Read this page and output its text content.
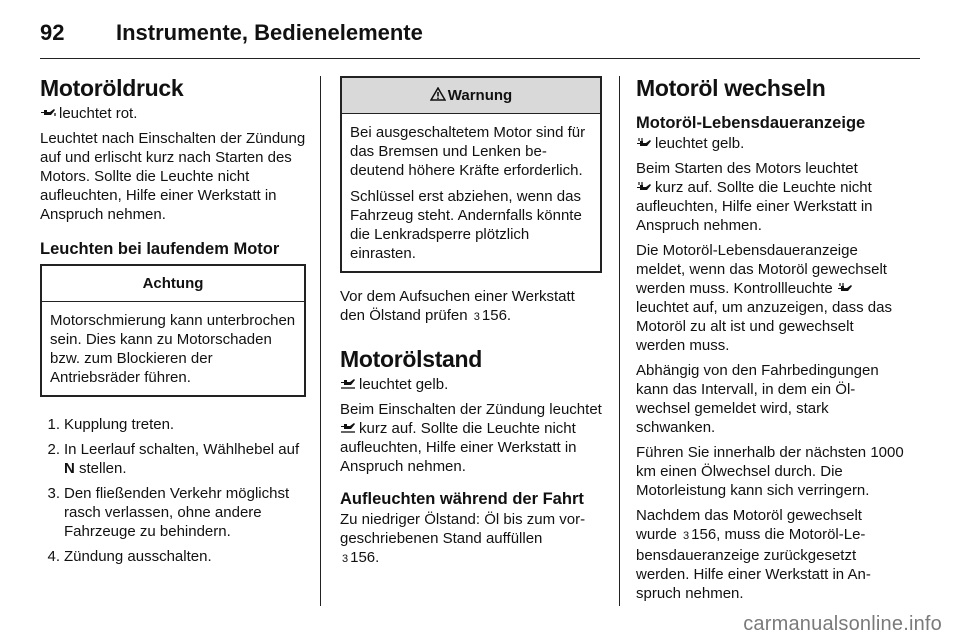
92 Instrumente, Bedienelemente
Motoröldruck

leuchtet rot.

Leuchtet nach Einschalten der Zündung auf und erlischt kurz nach Starten des Motors. Sollte die Leuchte nicht aufleuchten, Hilfe einer Werkstatt in Anspruch nehmen.

Leuchten bei laufendem Motor
Achtung

Motorschmierung kann unterbrochen sein. Dies kann zu Motorschaden bzw. zum Blockieren der Antriebsräder führen.

1. Kupplung treten.
2. In Leerlauf schalten, Wählhebel auf N stellen.
3. Den fließenden Verkehr möglichst rasch verlassen, ohne andere Fahrzeuge zu behindern.
4. Zündung ausschalten.
Warnung

Bei ausgeschaltetem Motor sind für das Bremsen und Lenken bedeutend höhere Kräfte erforderlich.

Schlüssel erst abziehen, wenn das Fahrzeug steht. Andernfalls könnte die Lenkradsperre plötzlich einrasten.

Vor dem Aufsuchen einer Werkstatt den Ölstand prüfen 3 156.

Motorölstand

leuchtet gelb.

Beim Einschalten der Zündung leuchtet
kurz auf. Sollte die Leuchte nicht aufleuchten, Hilfe einer Werkstatt in Anspruch nehmen.

Aufleuchten während der Fahrt

Zu niedriger Ölstand: Öl bis zum vorgeschriebenen Stand auffüllen
3 156.

Motoröl wechseln
Motoröl-Lebensdaueranzeige

leuchtet gelb.

Beim Starten des Motors leuchtet

kurz auf. Sollte die Leuchte nicht aufleuchten, Hilfe einer Werkstatt in Anspruch nehmen.

Die Motoröl-Lebensdaueranzeige meldet, wenn das Motoröl gewechselt werden muss. Kontrollleuchte
leuchtet auf, um anzuzeigen, dass das Motoröl zu alt ist und gewechselt werden muss.

Abhängig von den Fahrbedingungen kann das Intervall, in dem ein Ölwechsel gemeldet wird, stark schwanken.

Führen Sie innerhalb der nächsten 1000 km einen Ölwechsel durch. Die Motorleistung kann sich verringern.

Nachdem das Motoröl gewechselt wurde 3 156, muss die Motoröl-Lebensdaueranzeige zurückgesetzt werden. Hilfe einer Werkstatt in Anspruch nehmen.

carmanualsonline.info
